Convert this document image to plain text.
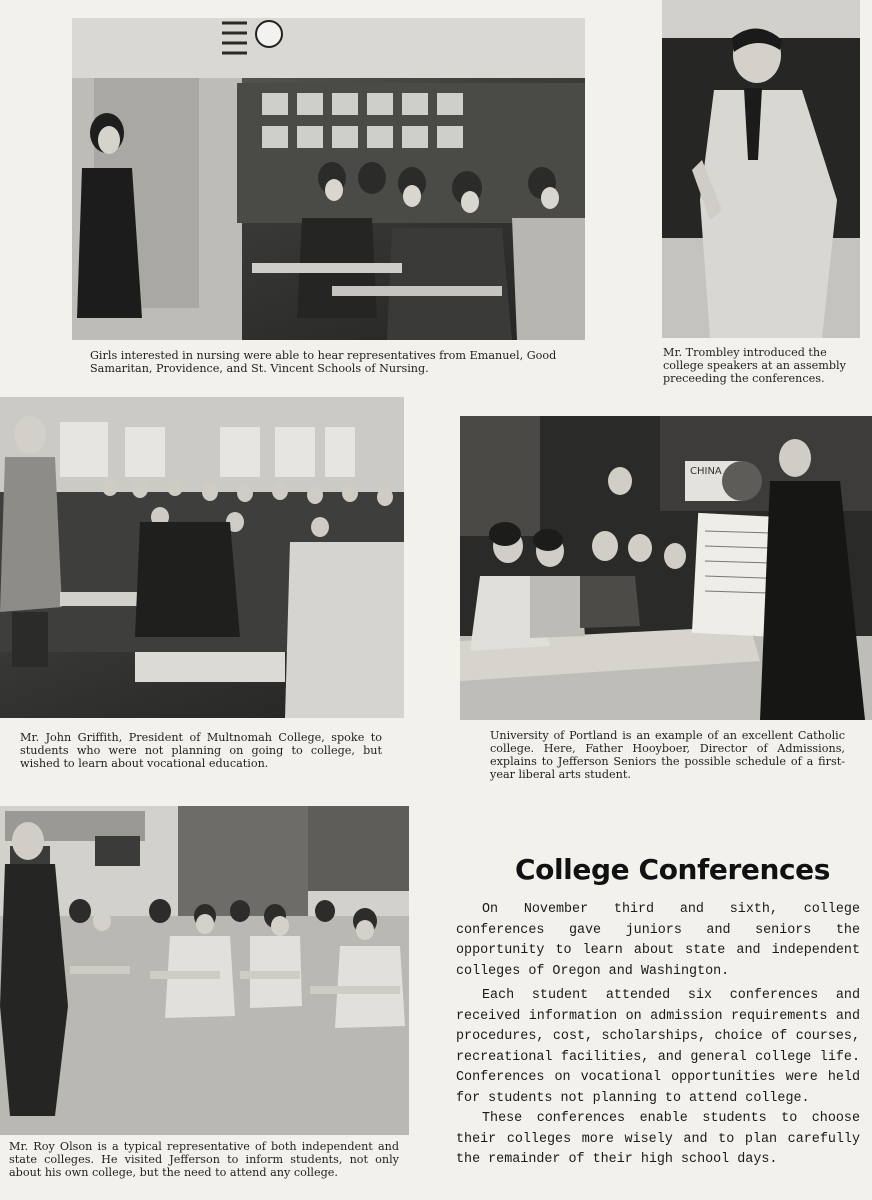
Girls interested in nursing were able to hear representatives from Emanuel, Good Samaritan, Providence, and St. Vincent Schools of Nursing.

Mr. Trombley introduced the college speakers at an assembly preceeding the conferences.

Mr. John Griffith, President of Multnomah College, spoke to students who were not planning on going to college, but wished to learn about vocational education.

CHINA

University of Portland is an example of an excellent Catholic college. Here, Father Hooyboer, Director of Admissions, explains to Jefferson Seniors the possible schedule of a first-year liberal arts student.

Mr. Roy Olson is a typical representative of both independent and state colleges. He visited Jefferson to inform students, not only about his own college, but the need to attend any college.

College Conferences

On November third and sixth, college conferences gave juniors and seniors the opportunity to learn about state and independent colleges of Oregon and Washington.

Each student attended six conferences and received information on admission requirements and procedures, cost, scholarships, choice of courses, recreational facilities, and general college life. Conferences on vocational opportunities were held for students not planning to attend college.

These conferences enable students to choose their colleges more wisely and to plan carefully the remainder of their high school days.
